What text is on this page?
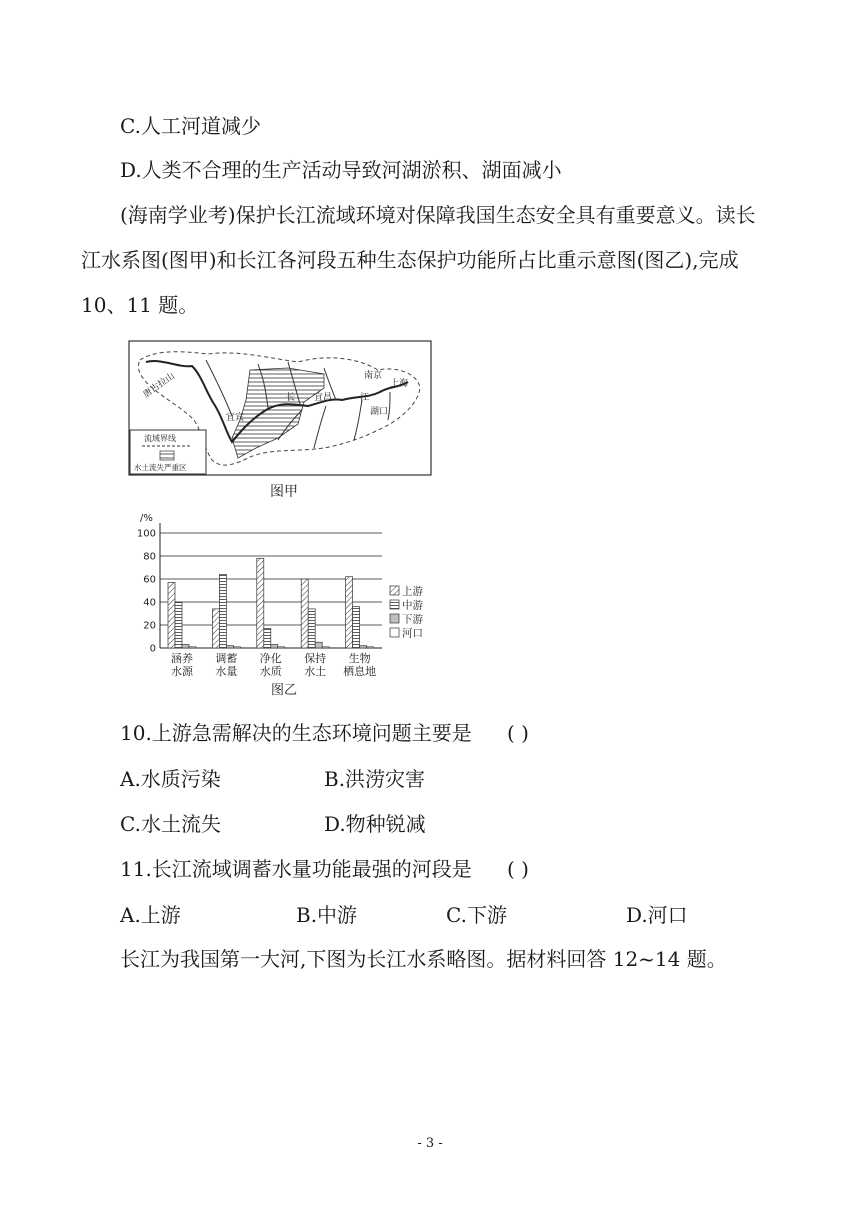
C.人工河道减少
D.人类不合理的生产活动导致河湖淤积、湖面减小
(海南学业考)保护长江流域环境对保障我国生态安全具有重要意义。读长
江水系图(图甲)和长江各河段五种生态保护功能所占比重示意图(图乙),完成
10、11 题。
唐古拉山	南京
上海
宜宾
长 宜昌	江
湖口
流域界线
水土流失严重区
图甲
0
20
40
60
80
100
/%
涵养
水源
调蓄
水量
净化
水质
保持
水土
生物
栖息地
上游
中游
下游
河口
图乙
10.上游急需解决的生态环境问题主要是 ( )
A.水质污染	B.洪涝灾害
C.水土流失	D.物种锐减
11.长江流域调蓄水量功能最强的河段是 ( )
A.上游	B.中游	C.下游	D.河口
长江为我国第一大河,下图为长江水系略图。据材料回答 12~14 题。
- 3 -
